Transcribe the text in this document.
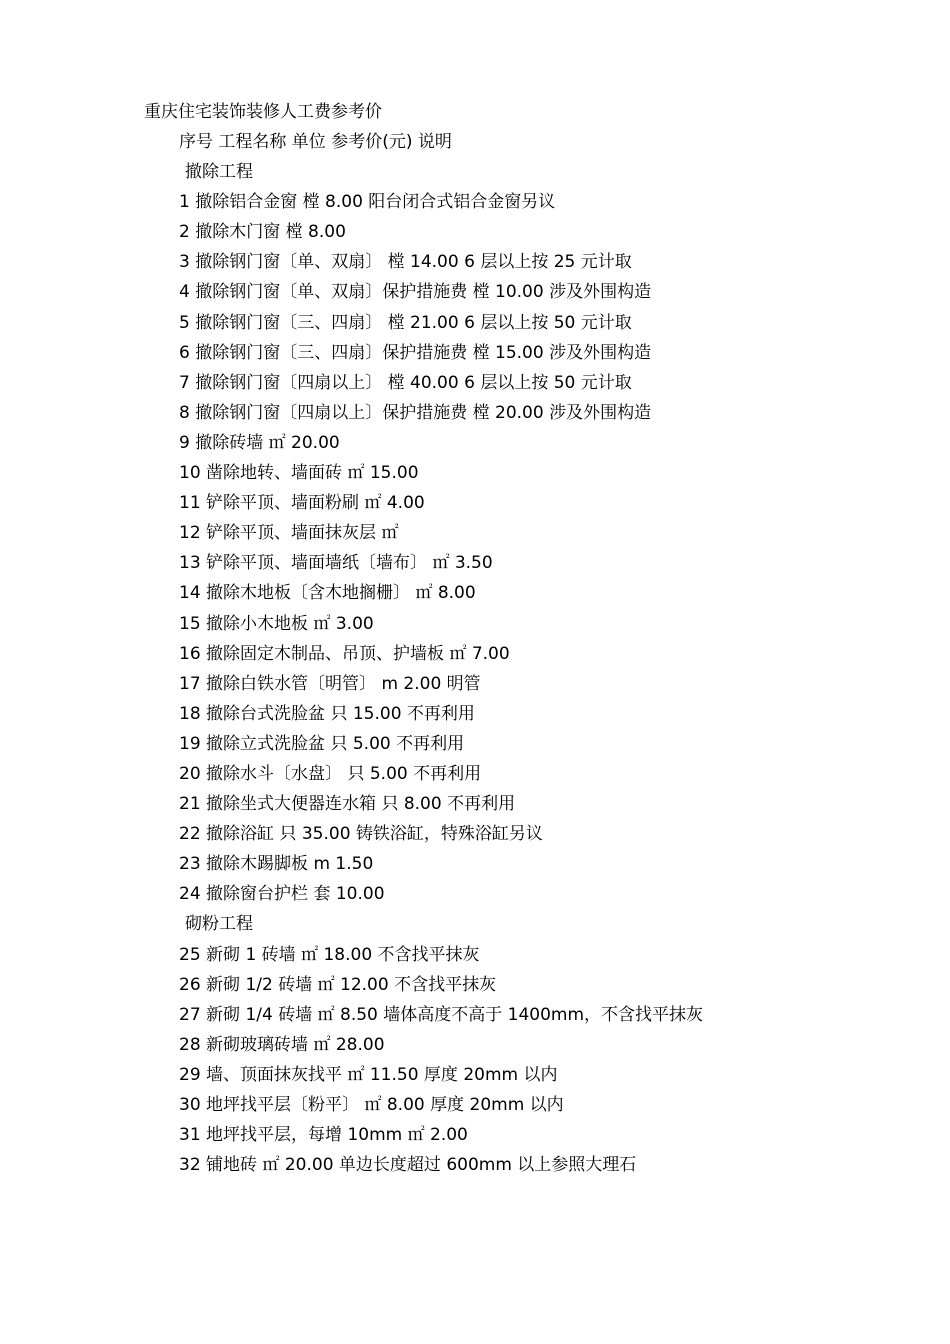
重庆住宅装饰装修人工费参考价
序号 工程名称 单位 参考价(元) 说明
撤除工程
1 撤除铝合金窗 樘 8.00 阳台闭合式铝合金窗另议
2 撤除木门窗 樘 8.00
3 撤除钢门窗〔单、双扇〕 樘 14.00 6 层以上按 25 元计取
4 撤除钢门窗〔单、双扇〕保护措施费 樘 10.00 涉及外围构造
5 撤除钢门窗〔三、四扇〕 樘 21.00 6 层以上按 50 元计取
6 撤除钢门窗〔三、四扇〕保护措施费 樘 15.00 涉及外围构造
7 撤除钢门窗〔四扇以上〕 樘 40.00 6 层以上按 50 元计取
8 撤除钢门窗〔四扇以上〕保护措施费 樘 20.00 涉及外围构造
9 撤除砖墙 ㎡ 20.00
10 凿除地转、墙面砖 ㎡ 15.00
11 铲除平顶、墙面粉刷 ㎡ 4.00
12 铲除平顶、墙面抹灰层 ㎡
13 铲除平顶、墙面墙纸〔墙布〕 ㎡ 3.50
14 撤除木地板〔含木地搁栅〕 ㎡ 8.00
15 撤除小木地板 ㎡ 3.00
16 撤除固定木制品、吊顶、护墙板 ㎡ 7.00
17 撤除白铁水管〔明管〕 m 2.00 明管
18 撤除台式洗脸盆 只 15.00 不再利用
19 撤除立式洗脸盆 只 5.00 不再利用
20 撤除水斗〔水盘〕 只 5.00 不再利用
21 撤除坐式大便器连水箱 只 8.00 不再利用
22 撤除浴缸 只 35.00 铸铁浴缸，特殊浴缸另议
23 撤除木踢脚板 m 1.50
24 撤除窗台护栏 套 10.00
砌粉工程
25 新砌 1 砖墙 ㎡ 18.00 不含找平抹灰
26 新砌 1/2 砖墙 ㎡ 12.00 不含找平抹灰
27 新砌 1/4 砖墙 ㎡ 8.50 墙体高度不高于 1400mm，不含找平抹灰
28 新砌玻璃砖墙 ㎡ 28.00
29 墙、顶面抹灰找平 ㎡ 11.50 厚度 20mm 以内
30 地坪找平层〔粉平〕 ㎡ 8.00 厚度 20mm 以内
31 地坪找平层，每增 10mm ㎡ 2.00
32 铺地砖 ㎡ 20.00 单边长度超过 600mm 以上参照大理石
